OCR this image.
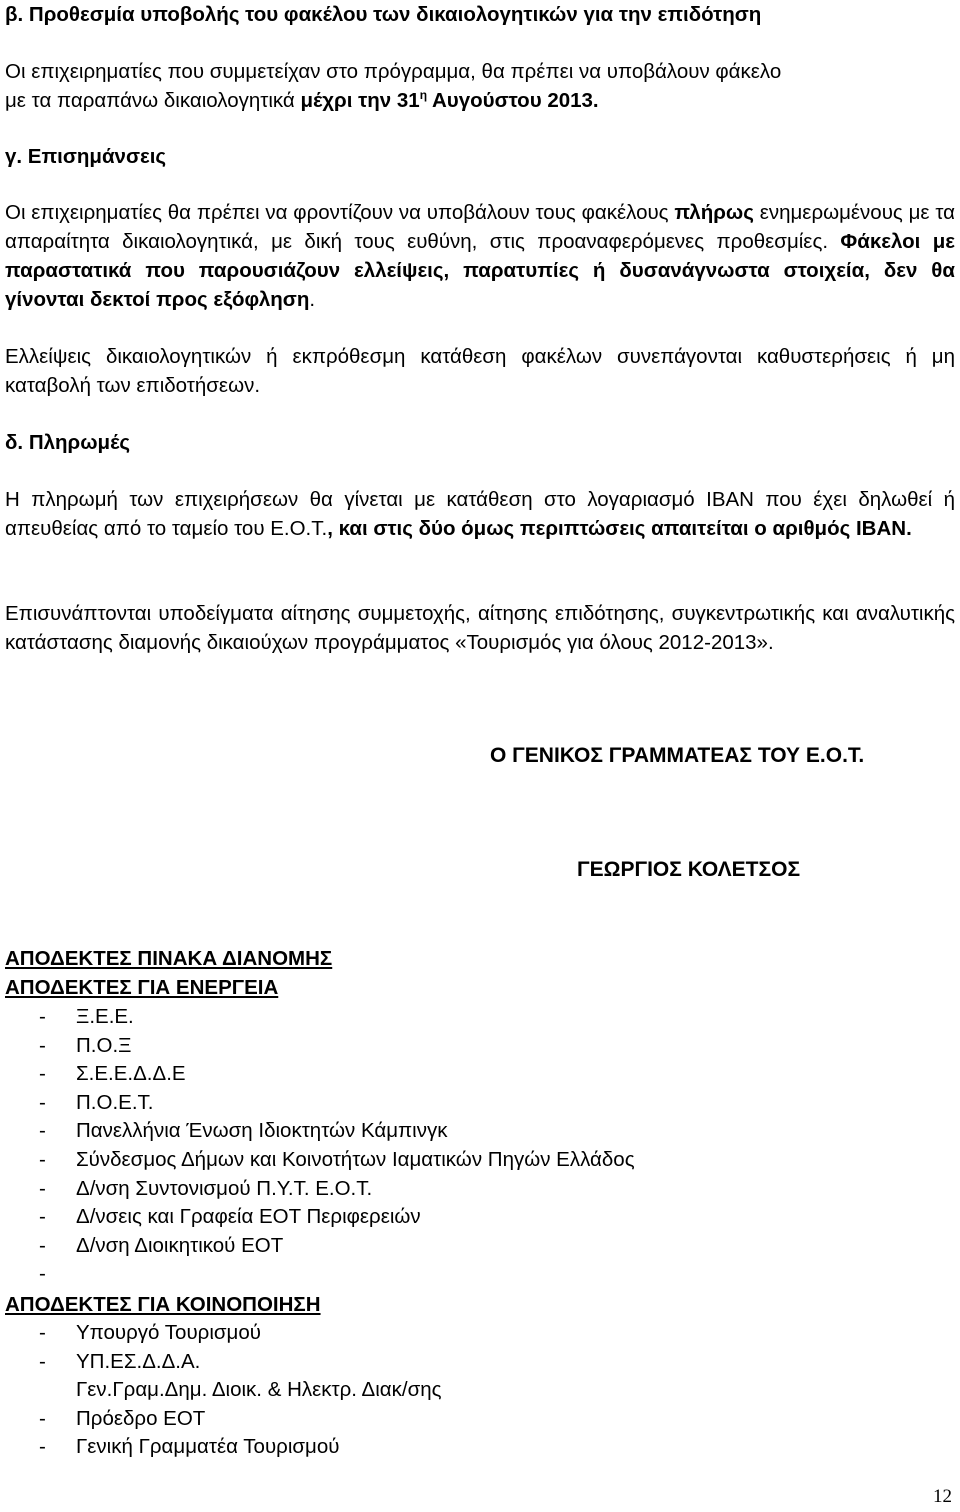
β. Προθεσμία υποβολής του φακέλου των δικαιολογητικών για την επιδότηση
Οι επιχειρηματίες που συμμετείχαν στο πρόγραμμα, θα πρέπει να υποβάλουν φάκελο
με τα παραπάνω δικαιολογητικά μέχρι την $31^\eta$ Αυγούστου 2013.
γ. Επισημάνσεις
Οι επιχειρηματίες θα πρέπει να φροντίζουν να υποβάλουν τους φακέλους πλήρως ενημερωμένους με τα απαραίτητα δικαιολογητικά, με δική τους ευθύνη, στις προαναφερόμενες προθεσμίες. Φάκελοι με παραστατικά που παρουσιάζουν ελλείψεις, παρατυπίες ή δυσανάγνωστα στοιχεία, δεν θα γίνονται δεκτοί προς εξόφληση.
Ελλείψεις δικαιολογητικών ή εκπρόθεσμη κατάθεση φακέλων συνεπάγονται καθυστερήσεις ή μη καταβολή των επιδοτήσεων.
δ. Πληρωμές
Η πληρωμή των επιχειρήσεων θα γίνεται με κατάθεση στο λογαριασμό IBAN που έχει δηλωθεί ή απευθείας από το ταμείο του Ε.Ο.Τ., και στις δύο όμως περιπτώσεις απαιτείται ο αριθμός IBAN.
Επισυνάπτονται υποδείγματα αίτησης συμμετοχής, αίτησης επιδότησης, συγκεντρωτικής και αναλυτικής κατάστασης διαμονής δικαιούχων προγράμματος «Τουρισμός για όλους 2012-2013».
Ο ΓΕΝΙΚΟΣ ΓΡΑΜΜΑΤΕΑΣ ΤΟΥ Ε.Ο.Τ.
ΓΕΩΡΓΙΟΣ ΚΟΛΕΤΣΟΣ
ΑΠΟΔΕΚΤΕΣ ΠΙΝΑΚΑ ΔΙΑΝΟΜΗΣ
ΑΠΟΔΕΚΤΕΣ ΓΙΑ ΕΝΕΡΓΕΙΑ
- Ξ.Ε.Ε.
- Π.Ο.Ξ
- Σ.Ε.Ε.Δ.Δ.Ε
- Π.Ο.Ε.Τ.
- Πανελλήνια Ένωση Ιδιοκτητών Κάμπινγκ
- Σύνδεσμος Δήμων και Κοινοτήτων Ιαματικών Πηγών Ελλάδος
- Δ/νση Συντονισμού Π.Υ.Τ. Ε.Ο.Τ.
- Δ/νσεις και Γραφεία ΕΟΤ Περιφερειών
- Δ/νση Διοικητικού ΕΟΤ
-
ΑΠΟΔΕΚΤΕΣ ΓΙΑ ΚΟΙΝΟΠΟΙΗΣΗ
- Υπουργό Τουρισμού
- ΥΠ.ΕΣ.Δ.Δ.Α.
Γεν.Γραμ.Δημ. Διοικ. & Ηλεκτρ. Διακ/σης
- Πρόεδρο ΕΟΤ
- Γενική Γραμματέα Τουρισμού
12
